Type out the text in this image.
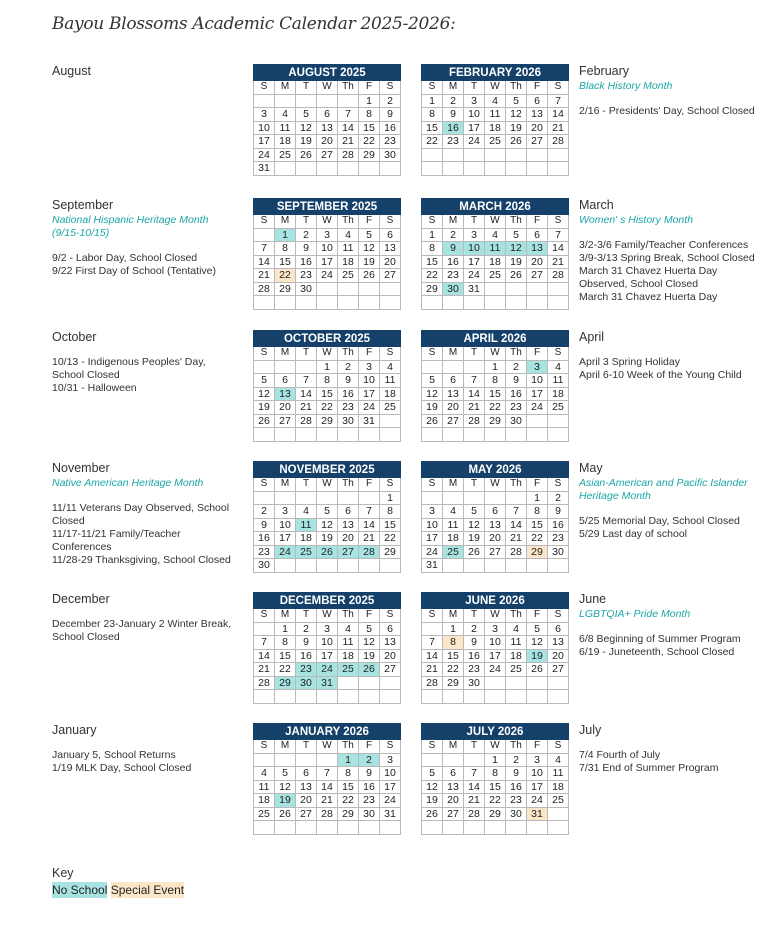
Bayou Blossoms Academic Calendar 2025-2026:
August
September
National Hispanic Heritage Month (9/15-10/15)
9/2 - Labor Day, School Closed
9/22 First Day of School (Tentative)
October
10/13 - Indigenous Peoples' Day, School Closed
10/31 - Halloween
November
Native American Heritage Month
11/11 Veterans Day Observed, School Closed
11/17-11/21 Family/Teacher Conferences
11/28-29 Thanksgiving, School Closed
December
December 23-January 2 Winter Break, School Closed
January
January 5, School Returns
1/19 MLK Day, School Closed
February
Black History Month
2/16 - Presidents' Day, School Closed
March
Women' s History Month
3/2-3/6 Family/Teacher Conferences
3/9-3/13 Spring Break, School Closed
March 31 Chavez Huerta Day Observed, School Closed
March 31 Chavez Huerta Day
April
April 3 Spring Holiday
April 6-10 Week of the Young Child
May
Asian-American and Pacific Islander Heritage Month
5/25 Memorial Day, School Closed
5/29 Last day of school
June
LGBTQIA+ Pride Month
6/8 Beginning of Summer Program
6/19 - Juneteenth, School Closed
July
7/4 Fourth of July
7/31 End of Summer Program
AUGUST 2025						
S	M	T	W	Th	F	S
					1	2
3	4	5	6	7	8	9
10	11	12	13	14	15	16
17	18	19	20	21	22	23
24	25	26	27	28	29	30
31						
FEBRUARY 2026						
S	M	T	W	Th	F	S
1	2	3	4	5	6	7
8	9	10	11	12	13	14
15	16	17	18	19	20	21
22	23	24	25	26	27	28

SEPTEMBER 2025						
S	M	T	W	Th	F	S
	1	2	3	4	5	6
7	8	9	10	11	12	13
14	15	16	17	18	19	20
21	22	23	24	25	26	27
28	29	30				

MARCH 2026						
S	M	T	W	Th	F	S
1	2	3	4	5	6	7
8	9	10	11	12	13	14
15	16	17	18	19	20	21
22	23	24	25	26	27	28
29	30	31				

OCTOBER 2025						
S	M	T	W	Th	F	S
			1	2	3	4
5	6	7	8	9	10	11
12	13	14	15	16	17	18
19	20	21	22	23	24	25
26	27	28	29	30	31	

APRIL 2026						
S	M	T	W	Th	F	S
			1	2	3	4
5	6	7	8	9	10	11
12	13	14	15	16	17	18
19	20	21	22	23	24	25
26	27	28	29	30		

NOVEMBER 2025						
S	M	T	W	Th	F	S
						1
2	3	4	5	6	7	8
9	10	11	12	13	14	15
16	17	18	19	20	21	22
23	24	25	26	27	28	29
30						
MAY 2026						
S	M	T	W	Th	F	S
					1	2
3	4	5	6	7	8	9
10	11	12	13	14	15	16
17	18	19	20	21	22	23
24	25	26	27	28	29	30
31						
DECEMBER 2025						
S	M	T	W	Th	F	S
	1	2	3	4	5	6
7	8	9	10	11	12	13
14	15	16	17	18	19	20
21	22	23	24	25	26	27
28	29	30	31			

JUNE 2026						
S	M	T	W	Th	F	S
	1	2	3	4	5	6
7	8	9	10	11	12	13
14	15	16	17	18	19	20
21	22	23	24	25	26	27
28	29	30				

JANUARY 2026						
S	M	T	W	Th	F	S
				1	2	3
4	5	6	7	8	9	10
11	12	13	14	15	16	17
18	19	20	21	22	23	24
25	26	27	28	29	30	31

JULY 2026						
S	M	T	W	Th	F	S
			1	2	3	4
5	6	7	8	9	10	11
12	13	14	15	16	17	18
19	20	21	22	23	24	25
26	27	28	29	30	31	

Key
No School Special Event
